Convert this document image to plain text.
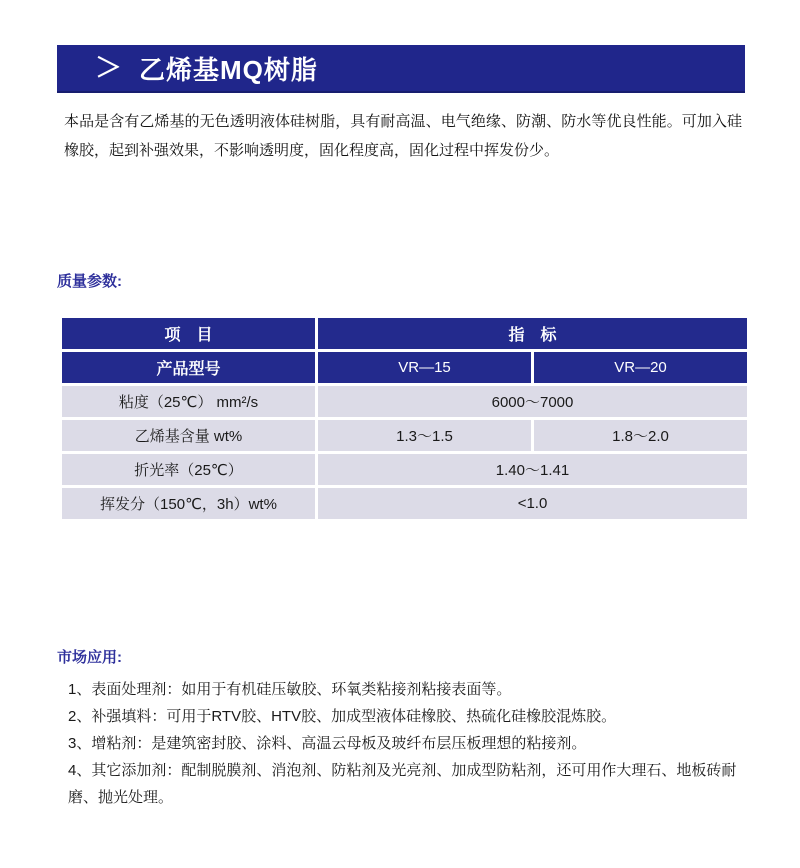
＞ 乙烯基MQ树脂
本品是含有乙烯基的无色透明液体硅树脂，具有耐高温、电气绝缘、防潮、防水等优良性能。可加入硅橡胶，起到补强效果，不影响透明度，固化程度高，固化过程中挥发份少。
质量参数:
项　目	指　标
产品型号	VR—15	VR—20
粘度（25℃） mm²/s	6000～7000
乙烯基含量 wt%	1.3～1.5	1.8～2.0
折光率（25℃）	1.40～1.41
挥发分（150℃，3h）wt%	<1.0
市场应用:
1、表面处理剂：如用于有机硅压敏胶、环氧类粘接剂粘接表面等。
2、补强填料：可用于RTV胶、HTV胶、加成型液体硅橡胶、热硫化硅橡胶混炼胶。
3、增粘剂：是建筑密封胶、涂料、高温云母板及玻纤布层压板理想的粘接剂。
4、其它添加剂：配制脱膜剂、消泡剂、防粘剂及光亮剂、加成型防粘剂，还可用作大理石、地板砖耐磨、抛光处理。
